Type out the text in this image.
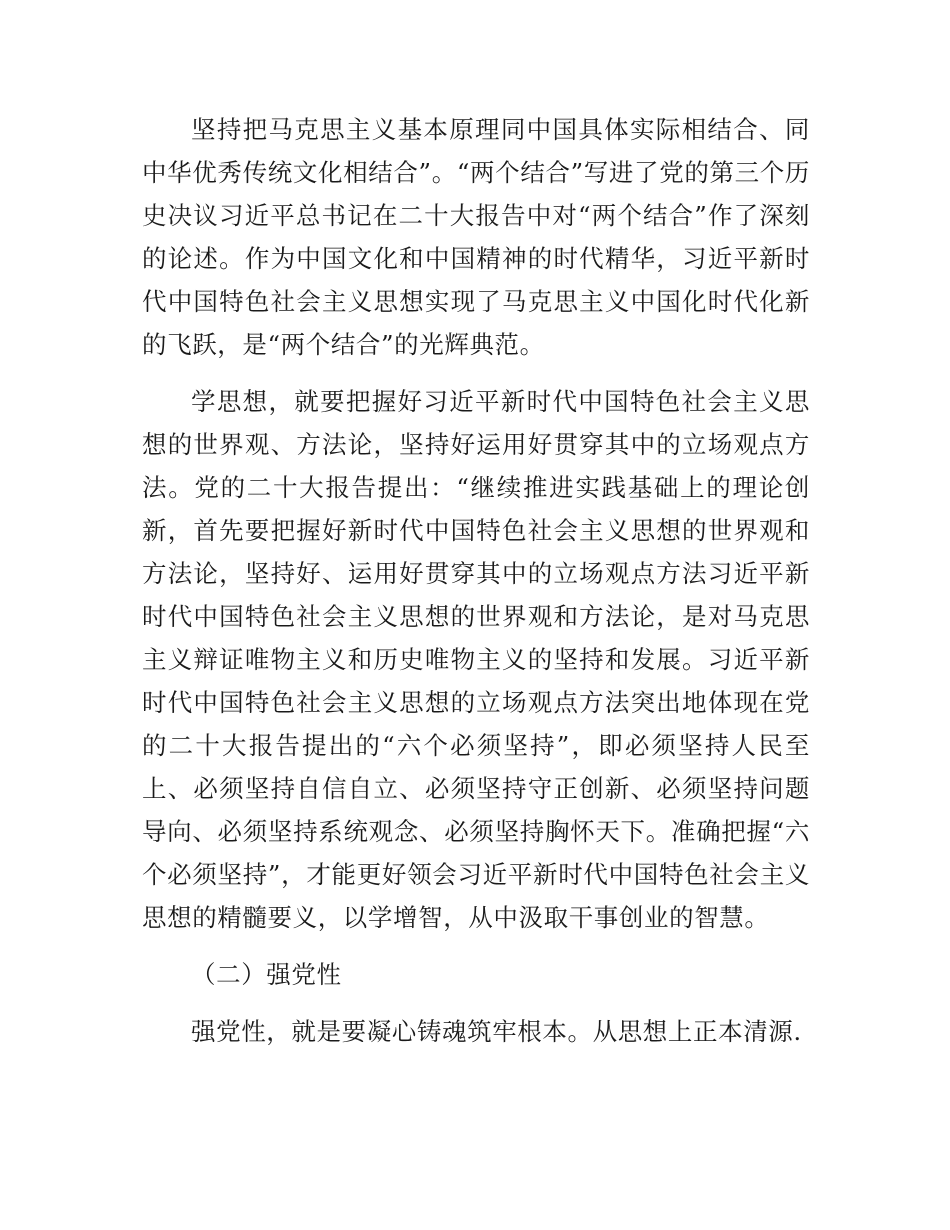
坚持把马克思主义基本原理同中国具体实际相结合、同中华优秀传统文化相结合”。“两个结合”写进了党的第三个历史决议习近平总书记在二十大报告中对“两个结合”作了深刻的论述。作为中国文化和中国精神的时代精华，习近平新时代中国特色社会主义思想实现了马克思主义中国化时代化新的飞跃，是“两个结合”的光辉典范。

学思想，就要把握好习近平新时代中国特色社会主义思想的世界观、方法论，坚持好运用好贯穿其中的立场观点方法。党的二十大报告提出：“继续推进实践基础上的理论创新，首先要把握好新时代中国特色社会主义思想的世界观和方法论，坚持好、运用好贯穿其中的立场观点方法习近平新时代中国特色社会主义思想的世界观和方法论，是对马克思主义辩证唯物主义和历史唯物主义的坚持和发展。习近平新时代中国特色社会主义思想的立场观点方法突出地体现在党的二十大报告提出的“六个必须坚持”，即必须坚持人民至上、必须坚持自信自立、必须坚持守正创新、必须坚持问题导向、必须坚持系统观念、必须坚持胸怀天下。准确把握“六个必须坚持”，才能更好领会习近平新时代中国特色社会主义思想的精髓要义，以学增智，从中汲取干事创业的智慧。

（二）强党性

强党性，就是要凝心铸魂筑牢根本。从思想上正本清源.
